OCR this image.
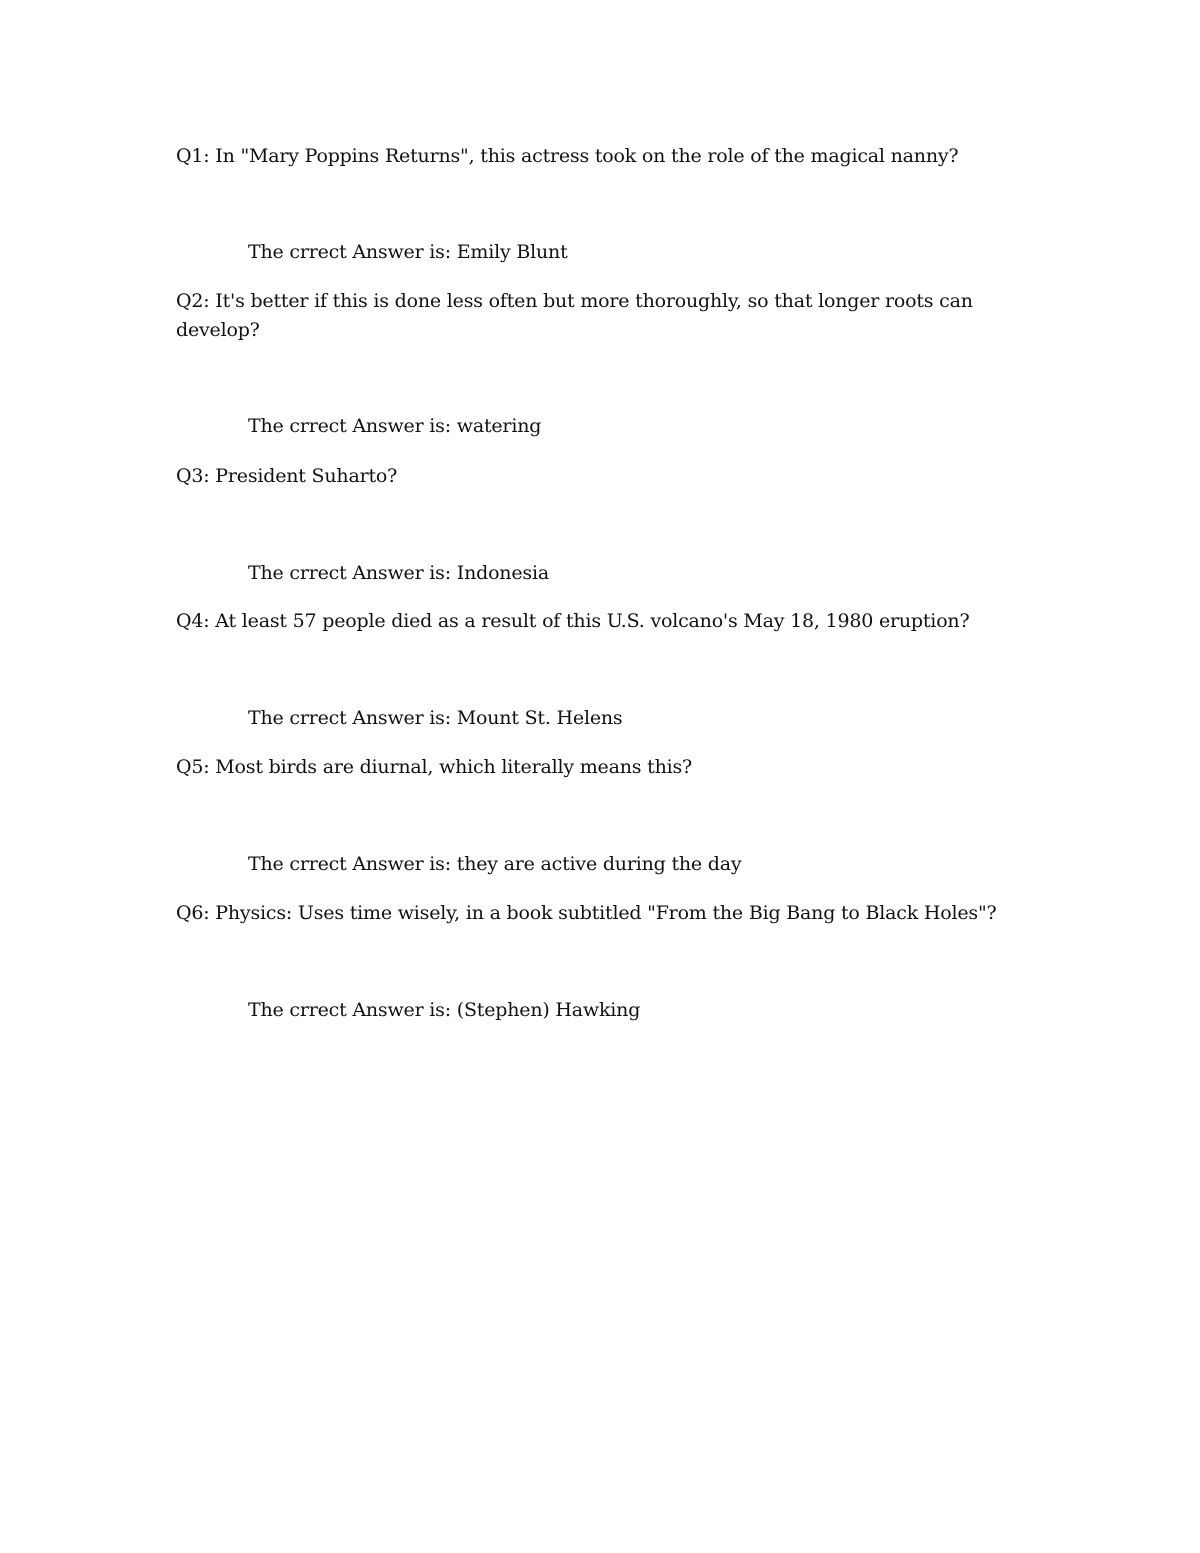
Q1: In "Mary Poppins Returns", this actress took on the role of the magical nanny?
The crrect Answer is: Emily Blunt
Q2: It's better if this is done less often but more thoroughly, so that longer roots can
develop?
The crrect Answer is: watering
Q3: President Suharto?
The crrect Answer is: Indonesia
Q4: At least 57 people died as a result of this U.S. volcano's May 18, 1980 eruption?
The crrect Answer is: Mount St. Helens
Q5: Most birds are diurnal, which literally means this?
The crrect Answer is: they are active during the day
Q6: Physics: Uses time wisely, in a book subtitled "From the Big Bang to Black Holes"?
The crrect Answer is: (Stephen) Hawking
